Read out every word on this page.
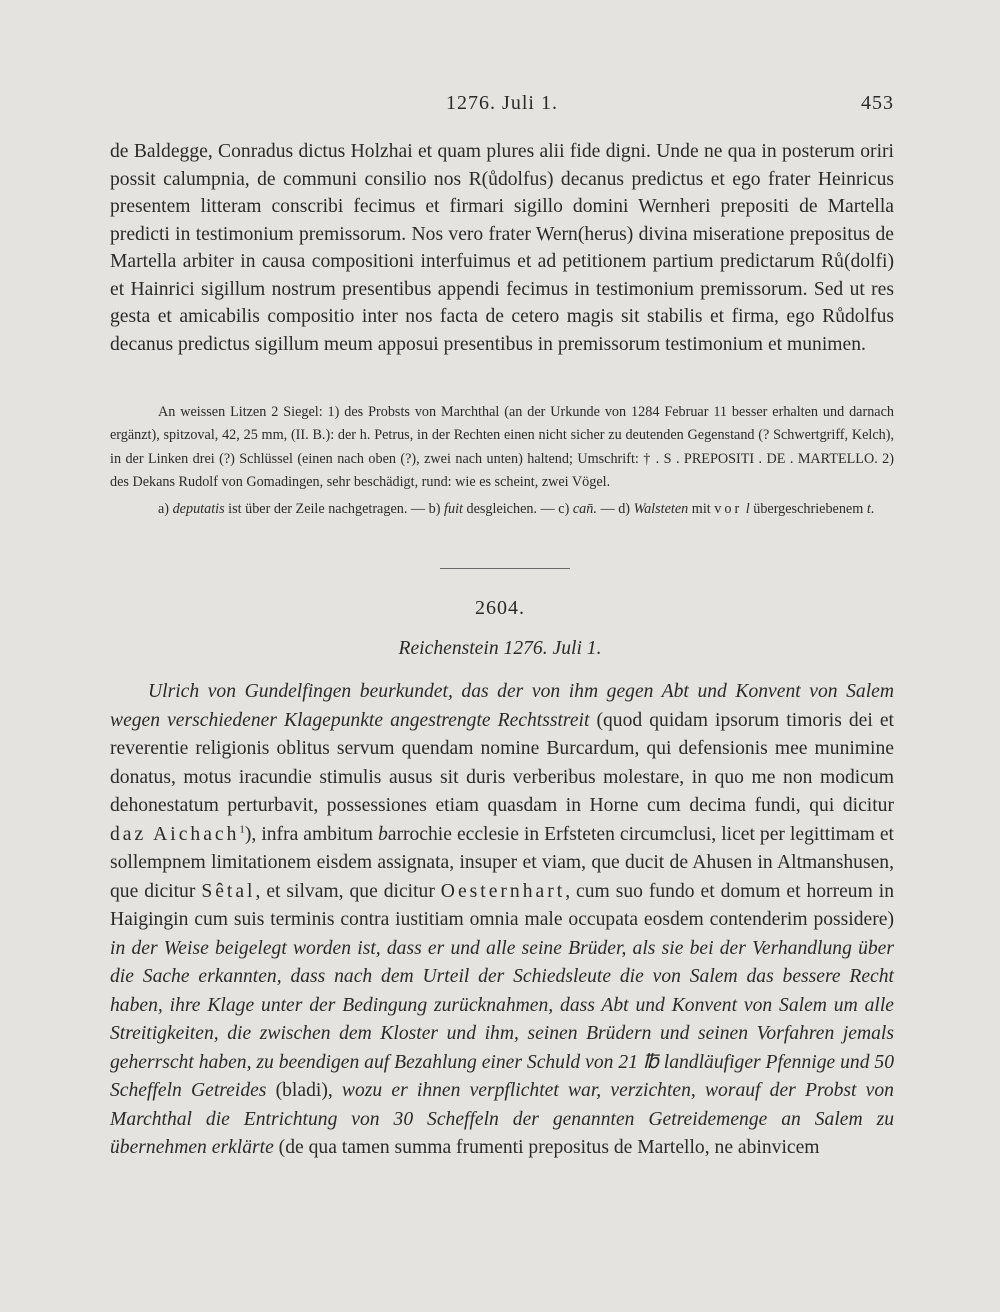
1276. Juli 1.	453
de Baldegge, Conradus dictus Holzhai et quam plures alii fide digni. Unde ne qua in posterum oriri possit calumpnia, de communi consilio nos R(ůdolfus) decanus predictus et ego frater Heinricus presentem litteram conscribi fecimus et firmari sigillo domini Wernheri prepositi de Martella predicti in testimonium premissorum. Nos vero frater Wern(herus) divina miseratione prepositus de Martella arbiter in causa compositioni interfuimus et ad petitionem partium predictarum Rů(dolfi) et Hainrici sigillum nostrum presentibus appendi fecimus in testimonium premissorum. Sed ut res gesta et amicabilis compositio inter nos facta de cetero magis sit stabilis et firma, ego Růdolfus decanus predictus sigillum meum apposui presentibus in premissorum testimonium et munimen.

An weissen Litzen 2 Siegel: 1) des Probsts von Marchthal (an der Urkunde von 1284 Februar 11 besser erhalten und darnach ergänzt), spitzoval, 42, 25 mm, (II. B.): der h. Petrus, in der Rechten einen nicht sicher zu deutenden Gegenstand (? Schwertgriff, Kelch), in der Linken drei (?) Schlüssel (einen nach oben (?), zwei nach unten) haltend; Umschrift: † . S . PREPOSITI . DE . MARTELLO. 2) des Dekans Rudolf von Gomadingen, sehr beschädigt, rund: wie es scheint, zwei Vögel.

a) deputatis ist über der Zeile nachgetragen. — b) fuit desgleichen. — c) can̄. — d) Walsteten mit vor l übergeschriebenem t.

2604.
Reichenstein 1276. Juli 1.
Ulrich von Gundelfingen beurkundet, das der von ihm gegen Abt und Konvent von Salem wegen verschiedener Klagepunkte angestrengte Rechtsstreit (quod quidam ipsorum timoris dei et reverentie religionis oblitus servum quendam nomine Burcardum, qui defensionis mee munimine donatus, motus iracundie stimulis ausus sit duris verberibus molestare, in quo me non modicum dehonestatum perturbavit, possessiones etiam quasdam in Horne cum decima fundi, qui dicitur daz Aichach$^1$), infra ambitum barrochie ecclesie in Erfsteten circumclusi, licet per legittimam et sollempnem limitationem eisdem assignata, insuper et viam, que ducit de Ahusen in Altmanshusen, que dicitur Sêtal, et silvam, que dicitur Oesternhart, cum suo fundo et domum et horreum in Haigingin cum suis terminis contra iustitiam omnia male occupata eosdem contenderim possidere) in der Weise beigelegt worden ist, dass er und alle seine Brüder, als sie bei der Verhandlung über die Sache erkannten, dass nach dem Urteil der Schiedsleute die von Salem das bessere Recht haben, ihre Klage unter der Bedingung zurücknahmen, dass Abt und Konvent von Salem um alle Streitigkeiten, die zwischen dem Kloster und ihm, seinen Brüdern und seinen Vorfahren jemals geherrscht haben, zu beendigen auf Bezahlung einer Schuld von 21 ℔ landläufiger Pfennige und 50 Scheffeln Getreides (bladi), wozu er ihnen verpflichtet war, verzichten, worauf der Probst von Marchthal die Entrichtung von 30 Scheffeln der genannten Getreidemenge an Salem zu übernehmen erklärte (de qua tamen summa frumenti prepositus de Martello, ne abinvicem
